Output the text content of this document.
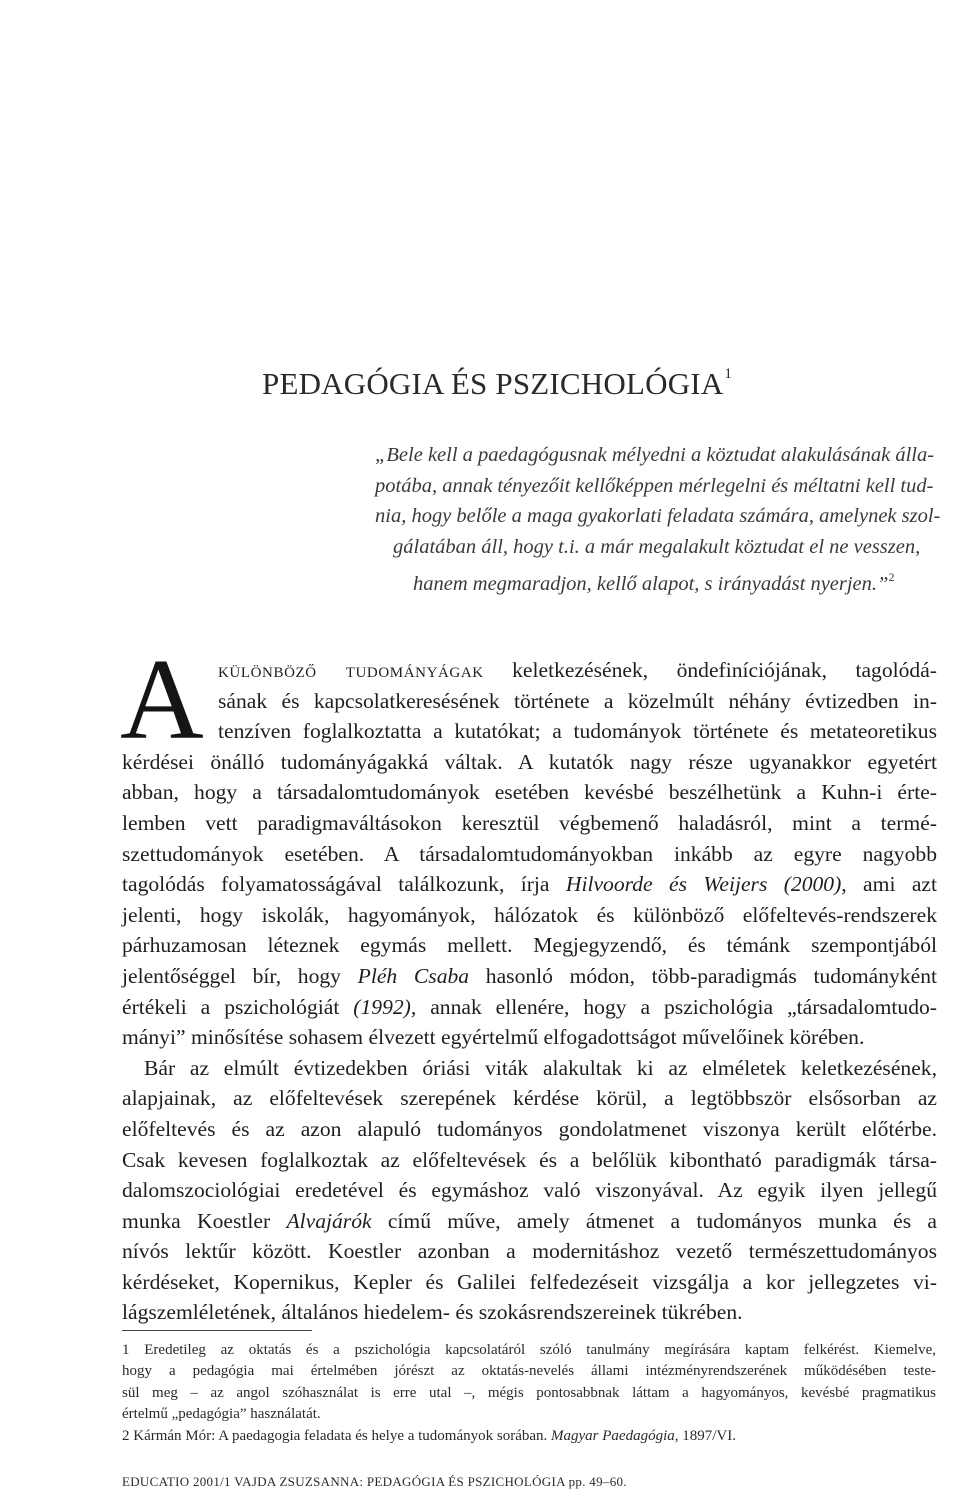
PEDAGÓGIA ÉS PSZICHOLÓGIA$^1$
„Bele kell a paedagógusnak mélyedni a köztudat alakulásának álla-
potába, annak tényezőit kellőképpen mérlegelni és méltatni kell tud-
nia, hogy belőle a maga gyakorlati feladata számára, amelynek szol-
gálatában áll, hogy t.i. a már megalakult köztudat el ne vesszen,
hanem megmaradjon, kellő alapot, s irányadást nyerjen.”$^2$
A különböző tudományágak keletkezésének, öndefiníciójának, tagolódá-
sának és kapcsolatkeresésének története a közelmúlt néhány évtizedben in-
tenzíven foglalkoztatta a kutatókat; a tudományok története és metateoretikus
kérdései önálló tudományágakká váltak. A kutatók nagy része ugyanakkor egyetért
abban, hogy a társadalomtudományok esetében kevésbé beszélhetünk a Kuhn-i érte-
lemben vett paradigmaváltásokon keresztül végbemenő haladásról, mint a termé-
szettudományok esetében. A társadalomtudományokban inkább az egyre nagyobb
tagolódás folyamatosságával találkozunk, írja Hilvoorde és Weijers (2000), ami azt
jelenti, hogy iskolák, hagyományok, hálózatok és különböző előfeltevés-rendszerek
párhuzamosan léteznek egymás mellett. Megjegyzendő, és témánk szempontjából
jelentőséggel bír, hogy Pléh Csaba hasonló módon, több-paradigmás tudományként
értékeli a pszichológiát (1992), annak ellenére, hogy a pszichológia „társadalomtudo-
mányi” minősítése sohasem élvezett egyértelmű elfogadottságot művelőinek körében.
Bár az elmúlt évtizedekben óriási viták alakultak ki az elméletek keletkezésének,
alapjainak, az előfeltevések szerepének kérdése körül, a legtöbbször elsősorban az
előfeltevés és az azon alapuló tudományos gondolatmenet viszonya került előtérbe.
Csak kevesen foglalkoztak az előfeltevések és a belőlük kibontható paradigmák társa-
dalomszociológiai eredetével és egymáshoz való viszonyával. Az egyik ilyen jellegű
munka Koestler Alvajárók című műve, amely átmenet a tudományos munka és a
nívós lektűr között. Koestler azonban a modernitáshoz vezető természettudományos
kérdéseket, Kopernikus, Kepler és Galilei felfedezéseit vizsgálja a kor jellegzetes vi-
lágszemléletének, általános hiedelem- és szokásrendszereinek tükrében.
1 Eredetileg az oktatás és a pszichológia kapcsolatáról szóló tanulmány megírására kaptam felkérést. Kiemelve,
hogy a pedagógia mai értelmében jórészt az oktatás-nevelés állami intézményrendszerének működésében teste-
sül meg – az angol szóhasználat is erre utal –, mégis pontosabbnak láttam a hagyományos, kevésbé pragmatikus
értelmű „pedagógia” használatát.
2 Kármán Mór: A paedagogia feladata és helye a tudományok sorában. Magyar Paedagógia, 1897/VI.
EDUCATIO 2001/1 VAJDA ZSUZSANNA: PEDAGÓGIA ÉS PSZICHOLÓGIA pp. 49–60.
